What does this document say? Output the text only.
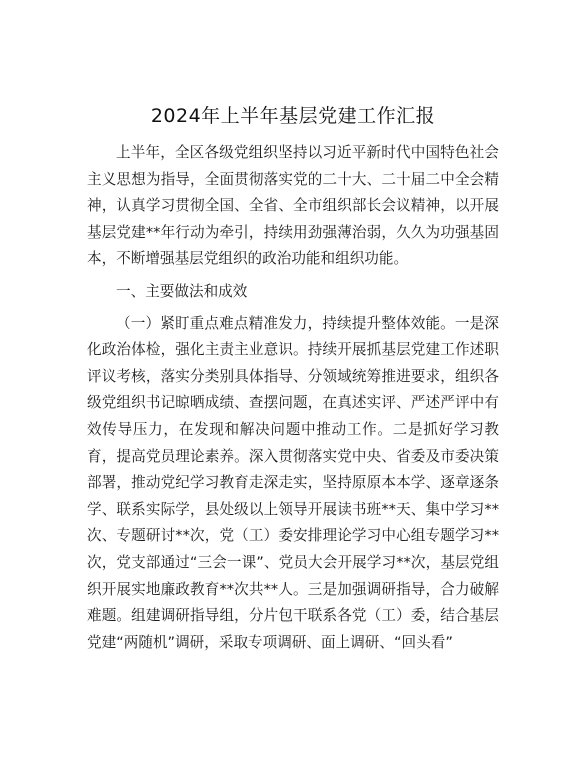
2024年上半年基层党建工作汇报

上半年，全区各级党组织坚持以习近平新时代中国特色社会主义思想为指导，全面贯彻落实党的二十大、二十届二中全会精神，认真学习贯彻全国、全省、全市组织部长会议精神，以开展基层党建**年行动为牵引，持续用劲强薄治弱，久久为功强基固本，不断增强基层党组织的政治功能和组织功能。

一、主要做法和成效

（一）紧盯重点难点精准发力，持续提升整体效能。一是深化政治体检，强化主责主业意识。持续开展抓基层党建工作述职评议考核，落实分类别具体指导、分领域统筹推进要求，组织各级党组织书记晾晒成绩、查摆问题，在真述实评、严述严评中有效传导压力，在发现和解决问题中推动工作。二是抓好学习教育，提高党员理论素养。深入贯彻落实党中央、省委及市委决策部署，推动党纪学习教育走深走实，坚持原原本本学、逐章逐条学、联系实际学，县处级以上领导开展读书班**天、集中学习**次、专题研讨**次，党（工）委安排理论学习中心组专题学习**次，党支部通过“三会一课”、党员大会开展学习**次，基层党组织开展实地廉政教育**次共**人。三是加强调研指导，合力破解难题。组建调研指导组，分片包干联系各党（工）委，结合基层党建“两随机”调研，采取专项调研、面上调研、“回头看”
